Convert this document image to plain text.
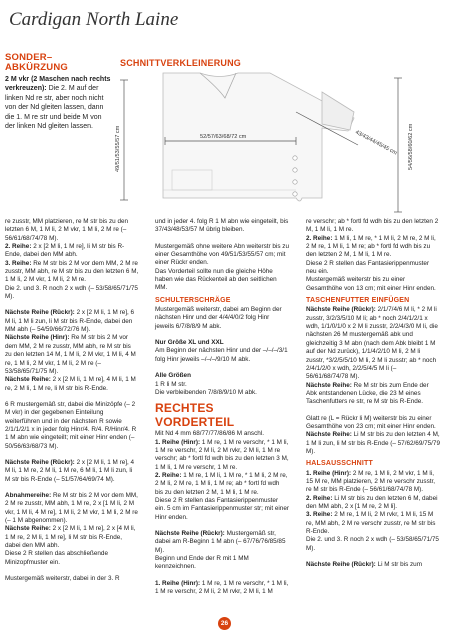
Cardigan North Laine
SONDER–
ABKÜRZUNG
2 M vkr (2 Maschen nach rechts verkreuzen): Die 2. M auf der linken Nd re str, aber noch nicht von der Nd gleiten lassen, dann die 1. M re str und beide M von der linken Nd gleiten lassen.
SCHNITTVERKLEINERUNG
49/51/53/55/57 cm	52/57/63/68/72 cm	43/43/44/45/45 cm 54/56/58/60/62 cm

re zusstr, MM platzieren, re M str bis zu den letzten 6 M, 1 M li, 2 M vkr, 1 M li, 2 M re (– 56/61/68/74/78 M).

2. Reihe: 2 x [2 M li, 1 M re], li M str bis R-Ende, dabei den MM abh.

3. Reihe: Re M str bis 2 M vor dem MM, 2 M re zusstr, MM abh, re M str bis zu den letzten 6 M, 1 M li, 2 M vkr, 1 M li, 2 M re.

Die 2. und 3. R noch 2 x wdh (– 53/58/65/71/75 M).

Nächste Reihe (Rückr): 2 x [2 M li, 1 M re], 6 M li, 1 M li zun, li M str bis R-Ende, dabei den MM abh (– 54/59/66/72/76 M).

Nächste Reihe (Hinr): Re M str bis 2 M vor dem MM, 2 M re zusstr, MM abh, re M str bis zu den letzten 14 M, 1 M li, 2 M vkr, 1 M li, 4 M re, 1 M li, 2 M vkr, 1 M li, 2 M re (– 53/58/65/71/75 M).

Nächste Reihe: 2 x [2 M li, 1 M re], 4 M li, 1 M re, 2 M li, 1 M re, li M str bis R-Ende.

6 R mustergemäß str, dabei die Minizöpfe (– 2 M vkr) in der gegebenen Einteilung weiterführen und in der nächsten R sowie 2/1/1/2/1 x in jeder folg Hinr/4. R/4. R/Hinr/4. R 1 M abn wie eingeteilt; mit einer Hinr enden (– 50/56/63/68/73 M).

Nächste Reihe (Rückr): 2 x [2 M li, 1 M re], 4 M li, 1 M re, 2 M li, 1 M re, 6 M li, 1 M li zun, li M str bis R-Ende (– 51/57/64/69/74 M).

Abnahmereihe: Re M str bis 2 M vor dem MM, 2 M re zusstr, MM abh, 1 M re, 2 x [1 M li, 2 M vkr, 1 M li, 4 M re], 1 M li, 2 M vkr, 1 M li, 2 M re (– 1 M abgenommen).

Nächste Reihe: 2 x [2 M li, 1 M re], 2 x [4 M li, 1 M re, 2 M li, 1 M re], li M str bis R-Ende, dabei den MM abh.

Diese 2 R stellen das abschließende Minizopfmuster ein.

Mustergemäß weiterstr, dabei in der 3. R

und in jeder 4. folg R 1 M abn wie eingeteilt, bis 37/43/48/53/57 M übrig bleiben.

Mustergemäß ohne weitere Abn weiterstr bis zu einer Gesamthöhe von 49/51/53/55/57 cm; mit einer Rückr enden.

Das Vorderteil sollte nun die gleiche Höhe haben wie das Rückenteil ab den seitlichen MM.

SCHULTERSCHRÄGE

Mustergemäß weiterstr, dabei am Beginn der nächsten Hinr und der 4/4/4/0/2 folg Hinr jeweils 6/7/8/8/9 M abk.

Nur Größe XL und XXL

Am Beginn der nächsten Hinr und der –/–/–/3/1 folg Hinr jeweils –/–/–/9/10 M abk.

Alle Größen

1 R li M str.

Die verbleibenden 7/8/8/9/10 M abk.

RECHTES VORDERTEIL

Mit Nd 4 mm 68/77/77/86/86 M anschl.

1. Reihe (Hinr): 1 M re, 1 M re verschr, * 1 M li, 1 M re verschr, 2 M li, 2 M rvkr, 2 M li, 1 M re verschr; ab * fortl fd wdh bis zu den letzten 3 M, 1 M li, 1 M re verschr, 1 M re.

2. Reihe: 1 M re, 1 M li, 1 M re, * 1 M li, 2 M re, 2 M li, 2 M re, 1 M li, 1 M re; ab * fortl fd wdh bis zu den letzten 2 M, 1 M li, 1 M re.

Diese 2 R stellen das Fantasierippenmuster ein. 5 cm im Fantasierippenmuster str; mit einer Hinr enden.

Nächste Reihe (Rückr): Mustergemäß str, dabei am R-Beginn 1 M abn (– 67/76/76/85/85 M).

Beginn und Ende der R mit 1 MM kennzeichnen.

1. Reihe (Hinr): 1 M re, 1 M re verschr, * 1 M li, 1 M re verschr, 2 M li, 2 M rvkr, 2 M li, 1 M

re verschr; ab * fortl fd wdh bis zu den letzten 2 M, 1 M li, 1 M re.

2. Reihe: 1 M li, 1 M re, * 1 M li, 2 M re, 2 M li, 2 M re, 1 M li, 1 M re; ab * fortl fd wdh bis zu den letzten 2 M, 1 M li, 1 M re.

Diese 2 R stellen das Fantasierippenmuster neu ein.

Mustergemäß weiterstr bis zu einer Gesamthöhe von 13 cm; mit einer Hinr enden.

TASCHENFUTTER EINFÜGEN

Nächste Reihe (Rückr): 2/1/7/4/6 M li, * 2 M li zusstr, 3/2/3/5/10 M li; ab * noch 2/4/1/2/1 x wdh, 1/1/0/1/0 x 2 M li zusstr, 2/2/4/3/0 M li, die nächsten 26 M mustergemäß abk und gleichzeitig 3 M abn (nach dem Abk bleibt 1 M auf der Nd zurück), 1/1/4/2/10 M li, 2 M li zusstr, *3/2/5/5/10 M li, 2 M li zusstr; ab * noch 2/4/1/2/0 x wdh, 2/2/5/4/5 M li (– 56/61/68/74/78 M).

Nächste Reihe: Re M str bis zum Ende der Abk entstandenen Lücke, die 23 M eines Taschenfutters re str, re M str bis R-Ende.

Glatt re (L = Rückr li M) weiterstr bis zu einer Gesamthöhe von 23 cm; mit einer Hinr enden.

Nächste Reihe: Li M str bis zu den letzten 4 M, 1 M li zun, li M str bis R-Ende (– 57/62/69/75/79 M).

HALSAUSSCHNITT

1. Reihe (Hinr): 2 M re, 1 M li, 2 M vkr, 1 M li, 15 M re, MM platzieren, 2 M re verschr zusstr, re M str bis R-Ende (– 56/61/68/74/78 M).

2. Reihe: Li M str bis zu den letzten 6 M, dabei den MM abh, 2 x [1 M re, 2 M li].

3. Reihe: 2 M re, 1 M li, 2 M rvkr, 1 M li, 15 M re, MM abh, 2 M re verschr zusstr, re M str bis R-Ende.

Die 2. und 3. R noch 2 x wdh (– 53/58/65/71/75 M).

Nächste Reihe (Rückr): Li M str bis zum

26
